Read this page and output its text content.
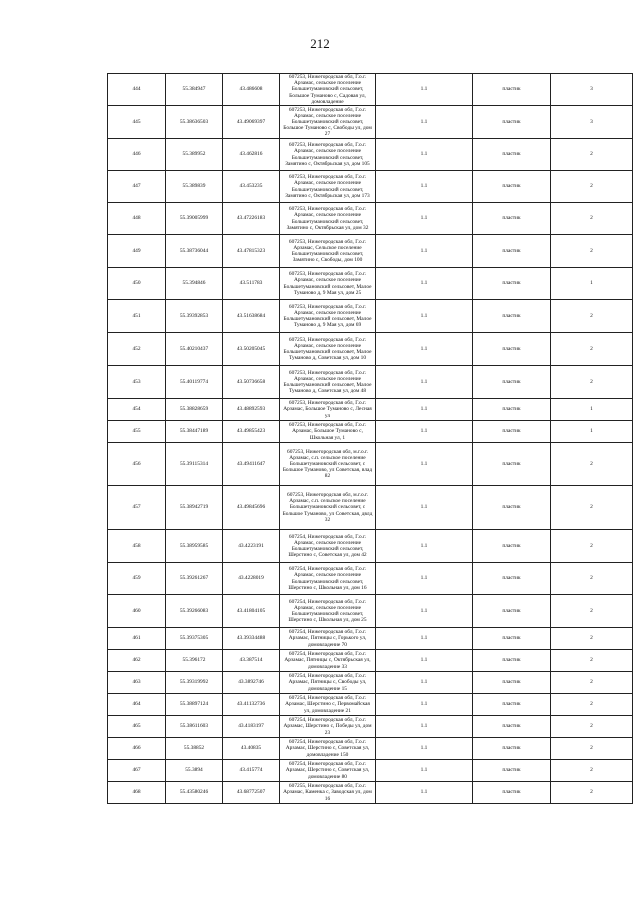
212
444	55.384947	43.486608	607253, Нижегородская обл, Г.о.г. Арзамас, сельское поселение Большетумановский сельсовет, Большое Туманово с, Садовая ул, домовладение	1.1	пластик	3
445	55.38636503	43.49069397	607253, Нижегородская обл, Г.о.г. Арзамас, сельское поселение Большетумановский сельсовет, Большое Туманово с, Свободы ул, дом 27	1.1	пластик	3
446	55.389952	43.462816	607253, Нижегородская обл, Г.о.г. Арзамас, сельское поселение Большетумановский сельсовет, Замятино с, Октябрьская ул, дом 105	1.1	пластик	2
447	55.389839	43.453235	607253, Нижегородская обл, Г.о.г. Арзамас, сельское поселение Большетумановский сельсовет, Замятино с, Октябрьская ул, дом 173	1.1	пластик	2
448	55.39005999	43.47226183	607253, Нижегородская обл, Г.о.г. Арзамас, сельское поселение Большетумановский сельсовет, Замятино с, Октябрьская ул, дом 32	1.1	пластик	2
449	55.38736044	43.47815323	607253, Нижегородская обл, Г.о.г. Арзамас, Сельское поселение Большетумановский сельсовет, Замятино с, Свободы, дом 100	1.1	пластик	2
450	55.394846	43.511783	607253, Нижегородская обл, Г.о.г. Арзамас, сельское поселение Большетумановский сельсовет, Малое Туманово д, 9 Мая ул, дом 25	1.1	пластик	1
451	55.39392853	43.51638684	607253, Нижегородская обл, Г.о.г. Арзамас, сельское поселение Большетумановский сельсовет, Малое Туманово д, 9 Мая ул, дом 69	1.1	пластик	2
452	55.40210437	43.50205045	607253, Нижегородская обл, Г.о.г. Арзамас, сельское поселение Большетумановский сельсовет, Малое Туманово д, Советская ул, дом 10	1.1	пластик	2
453	55.40119774	43.50736658	607253, Нижегородская обл, Г.о.г. Арзамас, сельское поселение Большетумановский сельсовет, Малое Туманово д, Советская ул, дом 48	1.1	пластик	2
454	55.38828659	43.48892593	607253, Нижегородская обл, Г.о.г. Арзамас, Большое Туманово с, Лесная ул	1.1	пластик	1
455	55.38447189	43.49855423	607253, Нижегородская обл, Г.о.г. Арзамас, Большое Туманово с, Школьная ул, 1	1.1	пластик	1
456	55.39115314	43.49411647	607253, Нижегородская обл, м.г.о.г. Арзамас, с.п. сельское поселение Большетумановский сельсовет, с Большое Туманово, ул Советская, влад 82	1.1	пластик	2
457	55.38942719	43.49845696	607253, Нижегородская обл, м.г.о.г. Арзамас, с.п. сельское поселение Большетумановский сельсовет, с Большое Туманово, ул Советская, двлд 32	1.1	пластик	2
458	55.38959585	43.4223191	607254, Нижегородская обл, Г.о.г. Арзамас, сельское поселение Большетумановский сельсовет, Шерстино с, Советская ул, дом 42	1.1	пластик	2
459	55.39261267	43.4228019	607254, Нижегородская обл, Г.о.г. Арзамас, сельское поселение Большетумановский сельсовет, Шерстино с, Школьная ул, дом 16	1.1	пластик	2
460	55.39266083	43.41804105	607254, Нижегородская обл, Г.о.г. Арзамас, сельское поселение Большетумановский сельсовет, Шерстино с, Школьная ул, дом 25	1.1	пластик	2
461	55.39375305	43.39334488	607254, Нижегородская обл, Г.о.г. Арзамас, Пятницы с, Горького ул, домовладение 70	1.1	пластик	2
462	55.396172	43.387514	607254, Нижегородская обл, Г.о.г. Арзамас, Пятницы с, Октябрьская ул, домовладение 33	1.1	пластик	2
463	55.39319992	43.3892746	607254, Нижегородская обл, Г.о.г. Арзамас, Пятницы с, Свободы ул, домовладение 15	1.1	пластик	2
464	55.38897124	43.41132736	607254, Нижегородская обл, Г.о.г. Арзамас, Шерстино с, Первомайская ул, домовладение 21	1.1	пластик	2
465	55.38611603	43.4183197	607254, Нижегородская обл, Г.о.г. Арзамас, Шерстино с, Победы ул, дом 23	1.1	пластик	2
466	55.38852	43.40835	607254, Нижегородская обл, Г.о.г. Арзамас, Шерстино с, Советская ул, домовладение 150	1.1	пластик	2
467	55.3894	43.415774	607254, Нижегородская обл, Г.о.г. Арзамас, Шерстино с, Советская ул, домовладение 80	1.1	пластик	2
468	55.43580246	43.68772507	607255, Нижегородская обл, Г.о.г. Арзамас, Каменка с, Заводская ул, дом 16	1.1	пластик	2
